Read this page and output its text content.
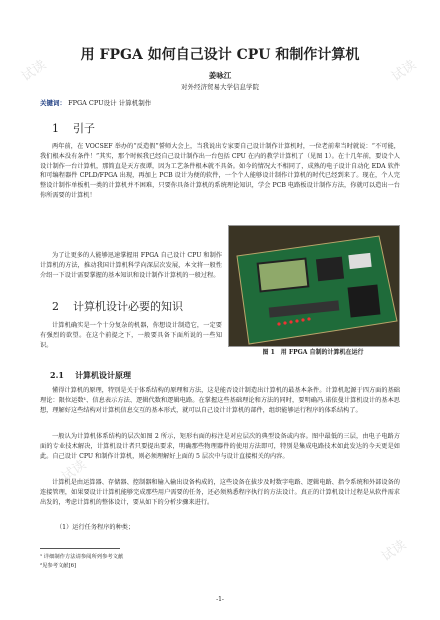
试读	试读
试读
试读
用 FPGA 如何自己设计 CPU 和制作计算机
姜咏江
对外经济贸易大学信息学院
关键词： FPGA CPU设计 计算机制作
1 引子

两年前，在 VOCSEF 举办的“反造假”誓师大会上，当我说出专家要自己设计制作计算机时，一位老前辈当时就说：“不可能，我们根本没有条件！”其实，那个时候我已经自己设计制作出一台包括 CPU 在内的教学计算机了（见图 1）。在十几年前，要设个人设计制作一台计算机，那简直是天方夜谭，因为工艺条件根本就不具备。如今的情况大不相同了，成熟的电子设计自动化 EDA 软件和可编程器件 CPLD/FPGA 出现，再加上 PCB 设计为便的软件，一个个人能够设计制作计算机的时代已经到来了。现在，个人完整设计制作单板机一类的计算机并不困难，只要你具备计算机的系统理论知识，学会 PCB 电路板设计制作方法，你就可以造出一台你所需要的计算机！

为了让更多的人能够迅速掌握用 FPGA 自己设计 CPU 和制作计算机的方法，推动我国计算机科学向深层次发展，本文将一般性介绍一下设计需要掌握的基本知识和设计制作计算机的一般过程。

2 计算机设计必要的知识

计算机确实是一个十分复杂的机器，你想设计制造它，一定要有强烈的欲望。在这个前提之下，一般要具备下面所说的一些知识。

图 1　用 FPGA 自制的计算机在运行
2.1 计算机设计原理

懂得计算机的原理，特别是关于体系结构的原理和方法，这是能否设计制造出计算机的最基本条件。计算机起源于四方面的基础理论：限位运数¹、信息表示方法、逻辑代数和逻辑电路。在掌握这些基础理论和方法的同时，要明确冯.诺依曼计算机设计的基本思想，理解好这些结构对计算机信息交互的基本形式，就可以自己设计计算机的部件，组织能够运行程序的体系结构了。

一般认为计算机体系结构的层次如图 2 所示，矩形右面的标注是对应层次的典型设备或内容。图中最低的三层，由电子电路方面的专业技术解决，计算机设计者只要提出要求，明确那些物理器件的使用方法即可，特别是集成电路技术如此发达的今天更是如此。自己设计 CPU 和制作计算机，则必须理解好上面的 5 层次中与设计直接相关的内容。

计算机是由运算器、存储器、控制器和输入输出设备构成的，这些设备在拔步及时数字电路、逻辑电路、指令系统和外部设备的连接管理，如果要设计计算机能够完成那些用户需要的任务，还必须熟悉程序执行的方法设计。真正的计算机设计过程是从软件需求出发的，考虑计算机的整体设计，要从如下的分析步骤来进行。

（1）运行任务程序的种类；

¹ 详细制作方法请参阅所列参考文献
²见参考文献[6]
-1-
